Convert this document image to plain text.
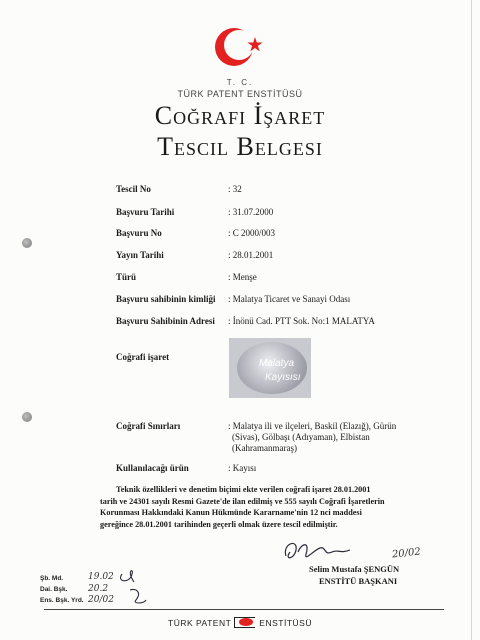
T. C.
TÜRK PATENT ENSTİTÜSÜ
Coğrafi İşaret
Tescil Belgesi
Tescil No	: 32
Başvuru Tarihi	: 31.07.2000
Başvuru No	: C 2000/003
Yayın Tarihi	: 28.01.2001
Türü	: Menşe
Başvuru sahibinin kimliği : Malatya Ticaret ve Sanayi Odası
Başvuru Sahibinin Adresi : İnönü Cad. PTT Sok. No:1 MALATYA
Coğrafi işaret
Malatya
Kayısısı
Coğrafi Sınırları	: Malatya ili ve ilçeleri, Baskil (Elazığ), Gürün
(Sivas), Gölbaşı (Adıyaman), Elbistan
(Kahramanmaraş)
Kullanılacağı ürün	: Kayısı
Teknik özellikleri ve denetim biçimi ekte verilen coğrafi işaret 28.01.2001
tarih ve 24301 sayılı Resmi Gazete'de ilan edilmiş ve 555 sayılı Coğrafi İşaretlerin
Korunması Hakkındaki Kanun Hükmünde Kararname'nin 12 nci maddesi
gereğince 28.01.2001 tarihinden geçerli olmak üzere tescil edilmiştir.
20/02
Selim Mustafa ŞENGÜN
ENSTİTÜ BAŞKANI
Şb. Md.	19.02
Dai. Bşk. 20.2
Ens. Bşk. Yrd. 20/02
TÜRK PATENT	ENSTİTÜSÜ
